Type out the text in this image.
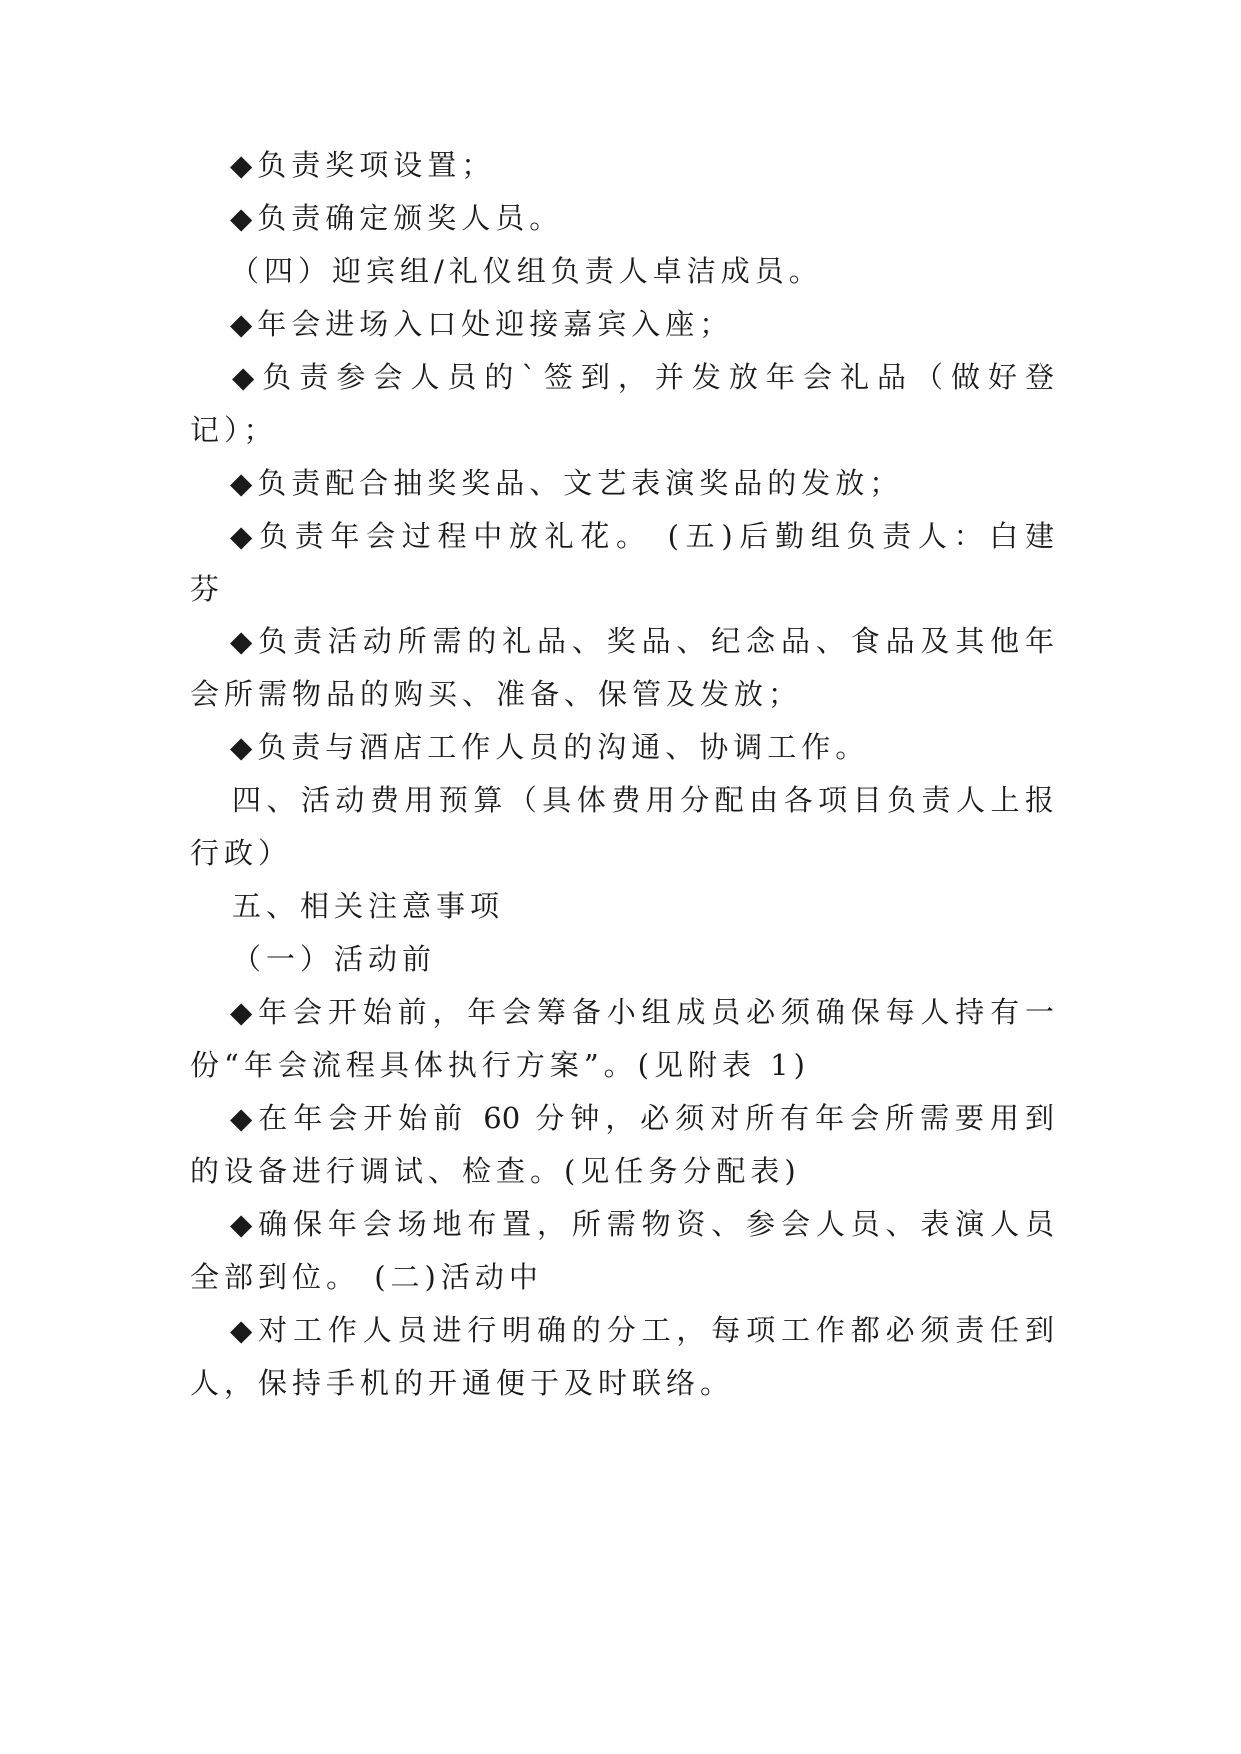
◆负责奖项设置；
◆负责确定颁奖人员。
（四）迎宾组/礼仪组负责人卓洁成员。
◆年会进场入口处迎接嘉宾入座；
◆负责参会人员的`签到，并发放年会礼品（做好登
记）；
◆负责配合抽奖奖品、文艺表演奖品的发放；
◆负责年会过程中放礼花。 (五)后勤组负责人：白建
芬
◆负责活动所需的礼品、奖品、纪念品、食品及其他年
会所需物品的购买、准备、保管及发放；
◆负责与酒店工作人员的沟通、协调工作。
四、活动费用预算（具体费用分配由各项目负责人上报
行政）
五、相关注意事项
（一）活动前
◆年会开始前，年会筹备小组成员必须确保每人持有一
份“年会流程具体执行方案”。(见附表 1)
◆在年会开始前 60 分钟，必须对所有年会所需要用到
的设备进行调试、检查。(见任务分配表)
◆确保年会场地布置，所需物资、参会人员、表演人员
全部到位。 (二)活动中
◆对工作人员进行明确的分工，每项工作都必须责任到
人，保持手机的开通便于及时联络。
